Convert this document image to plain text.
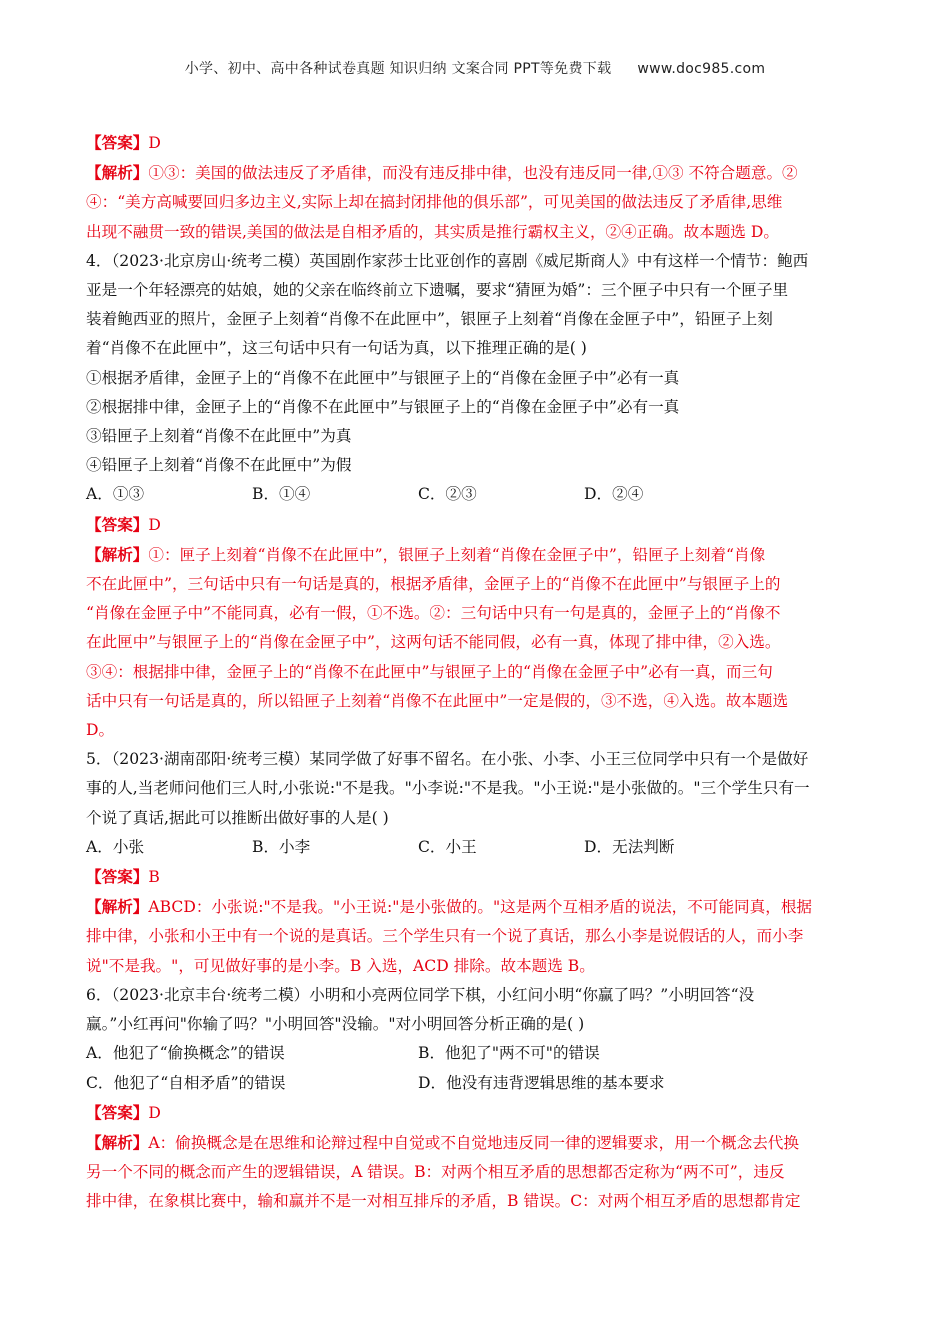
小学、初中、高中各种试卷真题 知识归纳 文案合同 PPT等免费下载 www.doc985.com
【答案】D
【解析】①③：美国的做法违反了矛盾律，而没有违反排中律，也没有违反同一律,①③ 不符合题意。②
④：“美方高喊要回归多边主义,实际上却在搞封闭排他的俱乐部”，可见美国的做法违反了矛盾律,思维
出现不融贯一致的错误,美国的做法是自相矛盾的，其实质是推行霸权主义，②④正确。故本题选 D。
4．（2023·北京房山·统考二模）英国剧作家莎士比亚创作的喜剧《威尼斯商人》中有这样一个情节：鲍西
亚是一个年轻漂亮的姑娘，她的父亲在临终前立下遗嘱，要求“猜匣为婚”：三个匣子中只有一个匣子里
装着鲍西亚的照片，金匣子上刻着“肖像不在此匣中”，银匣子上刻着“肖像在金匣子中”，铅匣子上刻
着“肖像不在此匣中”，这三句话中只有一句话为真，以下推理正确的是( )
①根据矛盾律，金匣子上的“肖像不在此匣中”与银匣子上的“肖像在金匣子中”必有一真
②根据排中律，金匣子上的“肖像不在此匣中”与银匣子上的“肖像在金匣子中”必有一真
③铅匣子上刻着“肖像不在此匣中”为真
④铅匣子上刻着“肖像不在此匣中”为假
A．①③	B．①④	C．②③	D．②④
【答案】D
【解析】①：匣子上刻着“肖像不在此匣中”，银匣子上刻着“肖像在金匣子中”，铅匣子上刻着“肖像
不在此匣中”，三句话中只有一句话是真的，根据矛盾律，金匣子上的“肖像不在此匣中”与银匣子上的
“肖像在金匣子中”不能同真，必有一假，①不选。②：三句话中只有一句是真的，金匣子上的“肖像不
在此匣中”与银匣子上的“肖像在金匣子中”，这两句话不能同假，必有一真，体现了排中律，②入选。
③④：根据排中律，金匣子上的“肖像不在此匣中”与银匣子上的“肖像在金匣子中”必有一真，而三句
话中只有一句话是真的，所以铅匣子上刻着“肖像不在此匣中”一定是假的，③不选，④入选。故本题选
D。
5．（2023·湖南邵阳·统考三模）某同学做了好事不留名。在小张、小李、小王三位同学中只有一个是做好
事的人,当老师问他们三人时,小张说:"不是我。"小李说:"不是我。"小王说:"是小张做的。"三个学生只有一
个说了真话,据此可以推断出做好事的人是( )
A．小张	B．小李	C．小王	D．无法判断
【答案】B
【解析】ABCD：小张说:"不是我。"小王说:"是小张做的。"这是两个互相矛盾的说法，不可能同真，根据
排中律，小张和小王中有一个说的是真话。三个学生只有一个说了真话，那么小李是说假话的人，而小李
说"不是我。"，可见做好事的是小李。B 入选，ACD 排除。故本题选 B。
6．（2023·北京丰台·统考二模）小明和小亮两位同学下棋，小红问小明“你赢了吗？”小明回答“没
赢。”小红再问"你输了吗？"小明回答"没输。"对小明回答分析正确的是( )
A．他犯了“偷换概念”的错误	B．他犯了"两不可"的错误
C．他犯了“自相矛盾”的错误	D．他没有违背逻辑思维的基本要求
【答案】D
【解析】A：偷换概念是在思维和论辩过程中自觉或不自觉地违反同一律的逻辑要求，用一个概念去代换
另一个不同的概念而产生的逻辑错误，A 错误。B：对两个相互矛盾的思想都否定称为“两不可”，违反
排中律，在象棋比赛中，输和赢并不是一对相互排斥的矛盾，B 错误。C：对两个相互矛盾的思想都肯定
